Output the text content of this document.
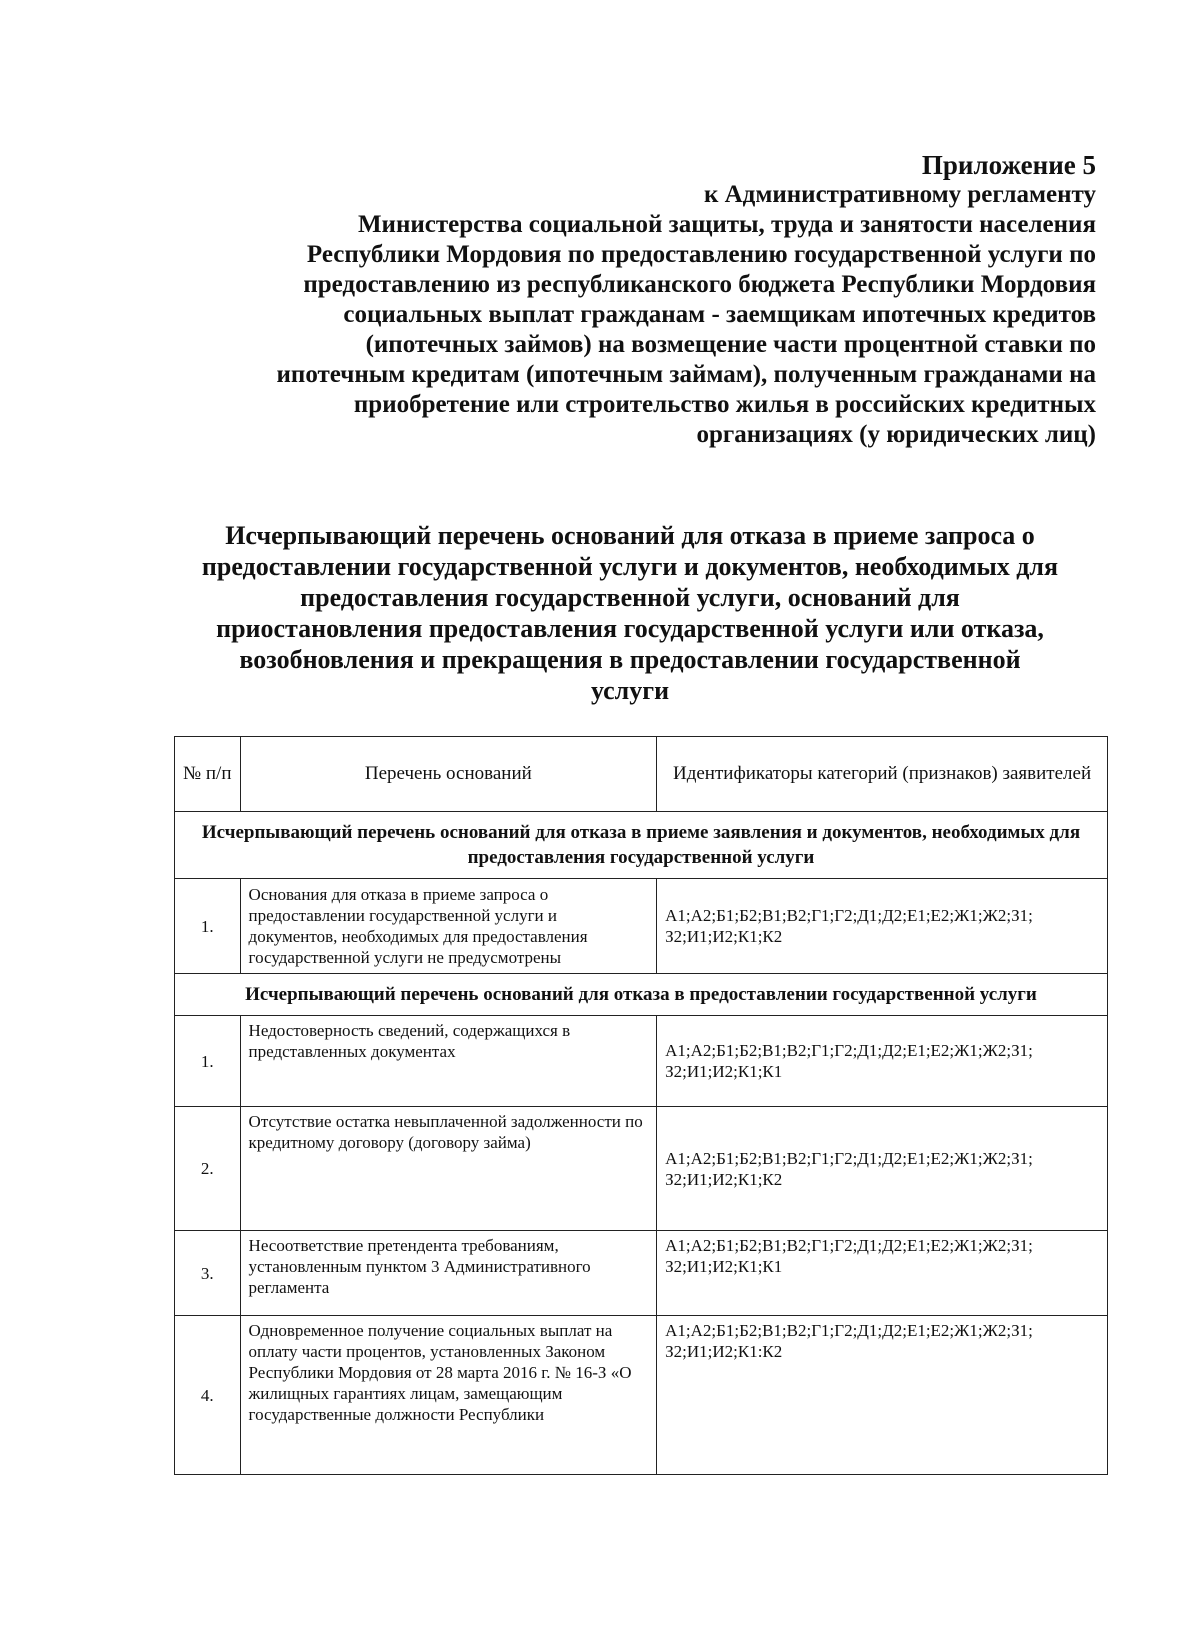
Приложение 5
к Административному регламенту
Министерства социальной защиты, труда и занятости населения
Республики Мордовия по предоставлению государственной услуги по
предоставлению из республиканского бюджета Республики Мордовия
социальных выплат гражданам - заемщикам ипотечных кредитов
(ипотечных займов) на возмещение части процентной ставки по
ипотечным кредитам (ипотечным займам), полученным гражданами на
приобретение или строительство жилья в российских кредитных
организациях (у юридических лиц)
Исчерпывающий перечень оснований для отказа в приеме запроса о
предоставлении государственной услуги и документов, необходимых для
предоставления государственной услуги, оснований для
приостановления предоставления государственной услуги или отказа,
возобновления и прекращения в предоставлении государственной
услуги
№ п/п	Перечень оснований	Идентификаторы категорий (признаков) заявителей
Исчерпывающий перечень оснований для отказа в приеме заявления и документов, необходимых для предоставления государственной услуги		
1.	Основания для отказа в приеме запроса о предоставлении государственной услуги и документов, необходимых для предоставления государственной услуги не предусмотрены	А1;А2;Б1;Б2;В1;В2;Г1;Г2;Д1;Д2;Е1;Е2;Ж1;Ж2;З1; З2;И1;И2;К1;К2
Исчерпывающий перечень оснований для отказа в предоставлении государственной услуги		
1.	Недостоверность сведений, содержащихся в представленных документах	А1;А2;Б1;Б2;В1;В2;Г1;Г2;Д1;Д2;Е1;Е2;Ж1;Ж2;З1; З2;И1;И2;К1;К1
2.	Отсутствие остатка невыплаченной задолженности по кредитному договору (договору займа)	А1;А2;Б1;Б2;В1;В2;Г1;Г2;Д1;Д2;Е1;Е2;Ж1;Ж2;З1; З2;И1;И2;К1;К2
3.	Несоответствие претендента требованиям, установленным пунктом 3 Административного регламента	А1;А2;Б1;Б2;В1;В2;Г1;Г2;Д1;Д2;Е1;Е2;Ж1;Ж2;З1; З2;И1;И2;К1;К1
4.	Одновременное получение социальных выплат на оплату части процентов, установленных Законом Республики Мордовия от 28 марта 2016 г. № 16-З «О жилищных гарантиях лицам, замещающим государственные должности Республики	А1;А2;Б1;Б2;В1;В2;Г1;Г2;Д1;Д2;Е1;Е2;Ж1;Ж2;З1; З2;И1;И2;К1:К2
